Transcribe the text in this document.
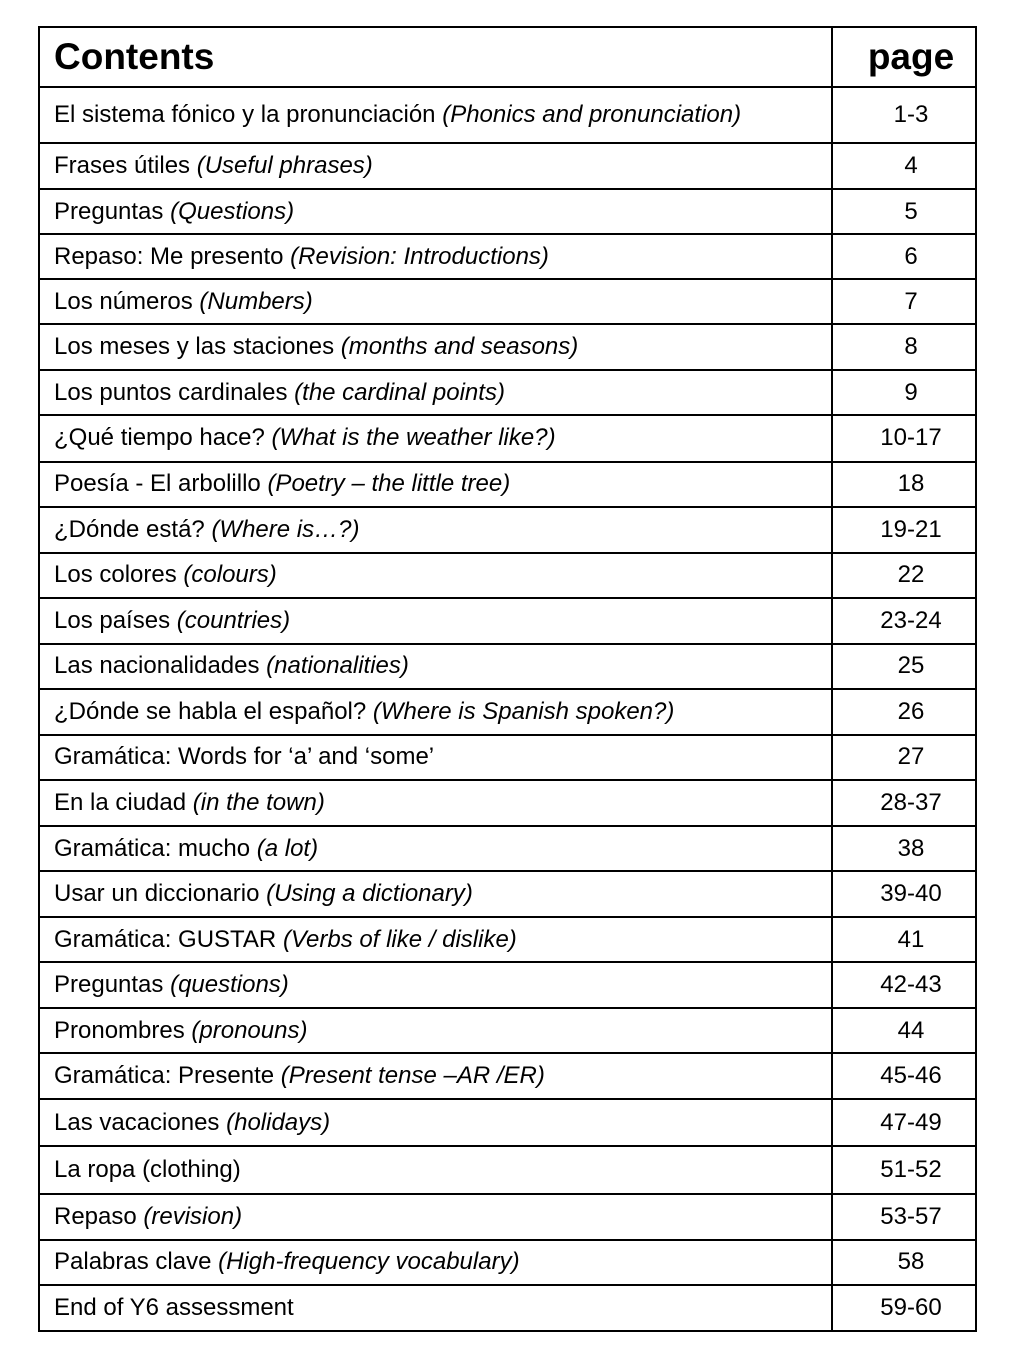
Contents	page
El sistema fónico y la pronunciación (Phonics and pronunciation)	1-3
Frases útiles (Useful phrases)	4
Preguntas (Questions)	5
Repaso: Me presento (Revision: Introductions)	6
Los números (Numbers)	7
Los meses y las staciones (months and seasons)	8
Los puntos cardinales (the cardinal points)	9
¿Qué tiempo hace? (What is the weather like?)	10-17
Poesía - El arbolillo (Poetry – the little tree)	18
¿Dónde está? (Where is…?)	19-21
Los colores (colours)	22
Los países (countries)	23-24
Las nacionalidades (nationalities)	25
¿Dónde se habla el español? (Where is Spanish spoken?)	26
Gramática: Words for ‘a’ and ‘some’	27
En la ciudad (in the town)	28-37
Gramática: mucho (a lot)	38
Usar un diccionario (Using a dictionary)	39-40
Gramática: GUSTAR (Verbs of like / dislike)	41
Preguntas (questions)	42-43
Pronombres (pronouns)	44
Gramática: Presente (Present tense –AR /ER)	45-46
Las vacaciones (holidays)	47-49
La ropa (clothing)	51-52
Repaso (revision)	53-57
Palabras clave (High-frequency vocabulary)	58
End of Y6 assessment	59-60
